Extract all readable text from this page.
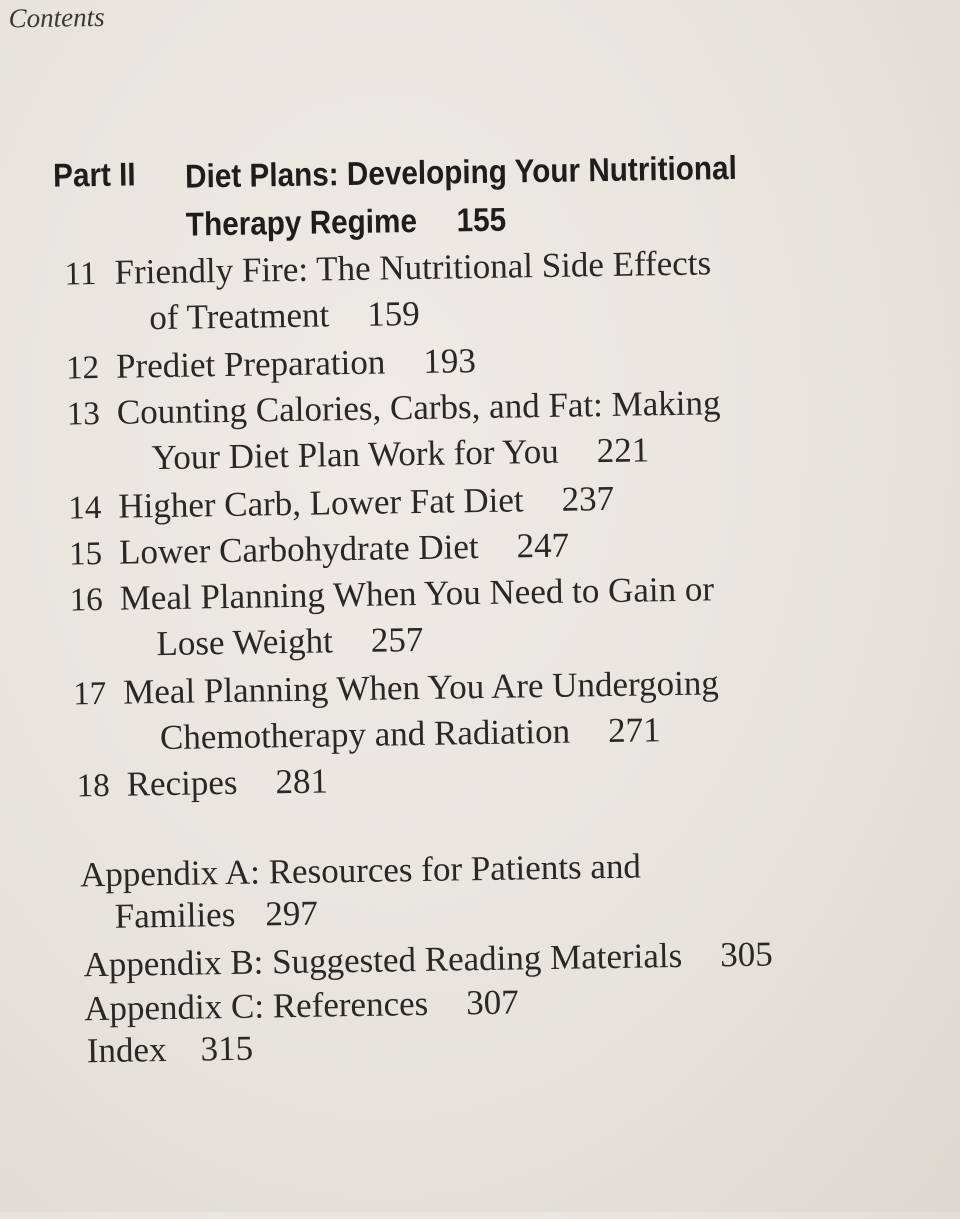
Contents
Part II Diet Plans: Developing Your Nutritional Therapy Regime 155
11 Friendly Fire: The Nutritional Side Effects
of Treatment 159
12 Prediet Preparation 193
13 Counting Calories, Carbs, and Fat: Making
Your Diet Plan Work for You 221
14 Higher Carb, Lower Fat Diet 237
15 Lower Carbohydrate Diet 247
16 Meal Planning When You Need to Gain or
Lose Weight 257
17 Meal Planning When You Are Undergoing
Chemotherapy and Radiation 271
18 Recipes 281
Appendix A: Resources for Patients and
Families 297
Appendix B: Suggested Reading Materials 305
Appendix C: References 307
Index 315
